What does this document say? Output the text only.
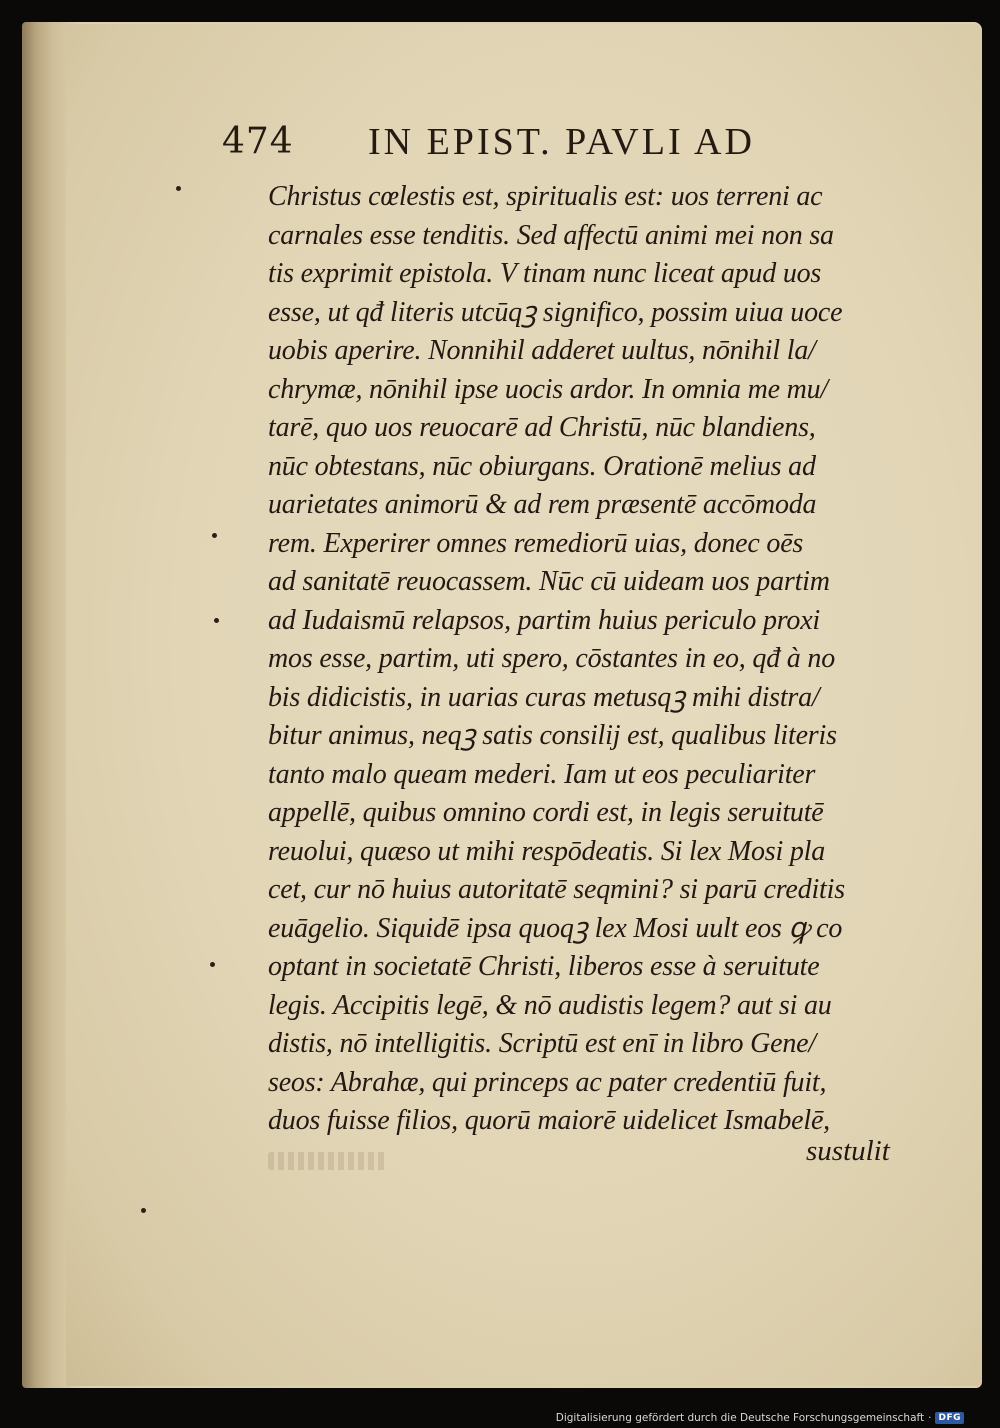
474 IN EPIST. PAVLI AD
Christus cœlestis est, spiritualis est: uos terreni ac
carnales esse tenditis. Sed affectū animi mei non sa
tis exprimit epistola. V tinam nunc liceat apud uos
esse, ut qđ literis utcūqꝫ significo, possim uiua uoce
uobis aperire. Nonnihil adderet uultus, nōnihil la/
chrymæ, nōnihil ipse uocis ardor. In omnia me mu/
tarē, quo uos reuocarē ad Christū, nūc blandiens,
nūc obtestans, nūc obiurgans. Orationē melius ad
uarietates animorū & ad rem præsentē accōmoda
rem. Experirer omnes remediorū uias, donec oēs
ad sanitatē reuocassem. Nūc cū uideam uos partim
ad Iudaismū relapsos, partim huius periculo proxi
mos esse, partim, uti spero, cōstantes in eo, qđ à no
bis didicistis, in uarias curas metusqꝫ mihi distra/
bitur animus, neqꝫ satis consilij est, qualibus literis
tanto malo queam mederi. Iam ut eos peculiariter
appellē, quibus omnino cordi est, in legis seruitutē
reuolui, quæso ut mihi respōdeatis. Si lex Mosi pla
cet, cur nō huius autoritatē seqmini? si parū creditis
euāgelio. Siquidē ipsa quoqꝫ lex Mosi uult eos ꝙ co
optant in societatē Christi, liberos esse à seruitute
legis. Accipitis legē, & nō audistis legem? aut si au
distis, nō intelligitis. Scriptū est enī in libro Gene/
seos: Abrahæ, qui princeps ac pater credentiū fuit,
duos fuisse filios, quorū maiorē uidelicet Ismabelē,
sustulit
Digitalisierung gefördert durch die Deutsche Forschungsgemeinschaft · DFG
